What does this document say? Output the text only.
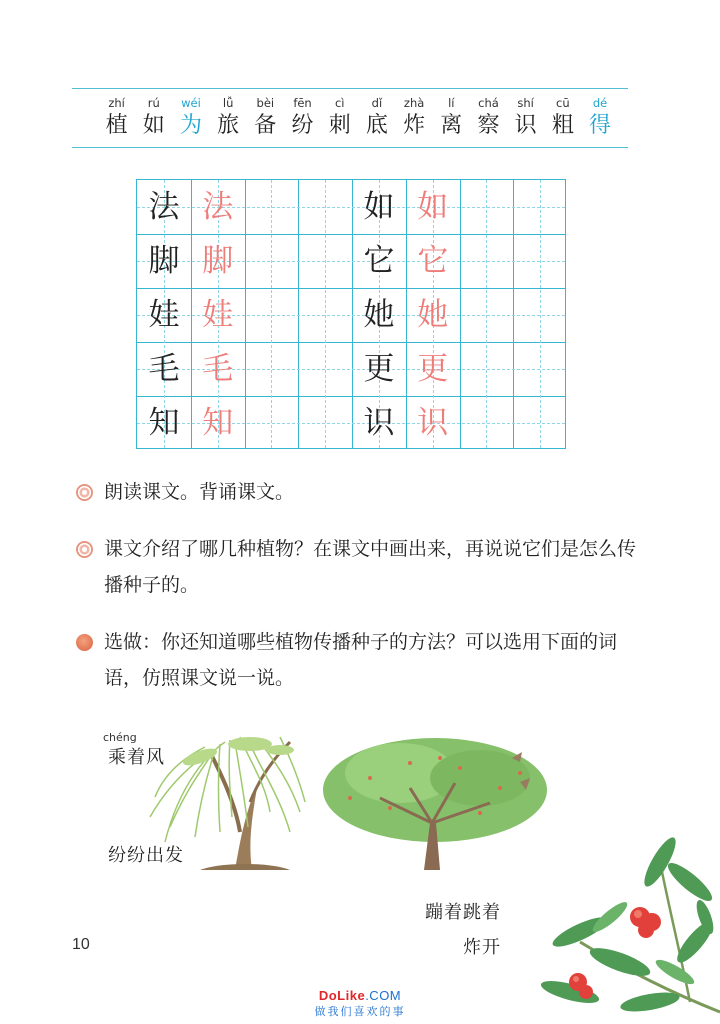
zhí
植
rú
如
wéi
为
lǚ
旅
bèi
备
fēn
纷
cì
刺
dǐ
底
zhà
炸
lí
离
chá
察
shí
识
cū
粗
dé
得
法 法
脚 脚
娃 娃
毛 毛
知 知
如 如
它 它
她 她
更 更
识 识
朗读课文。背诵课文。
课文介绍了哪几种植物？在课文中画出来，再说说它们是怎么传播种子的。
选做：你还知道哪些植物传播种子的方法？可以选用下面的词语，仿照课文说一说。
chéng
乘着风
纷纷出发
蹦着跳着
炸开
10
DoLike.COM
做我们喜欢的事
